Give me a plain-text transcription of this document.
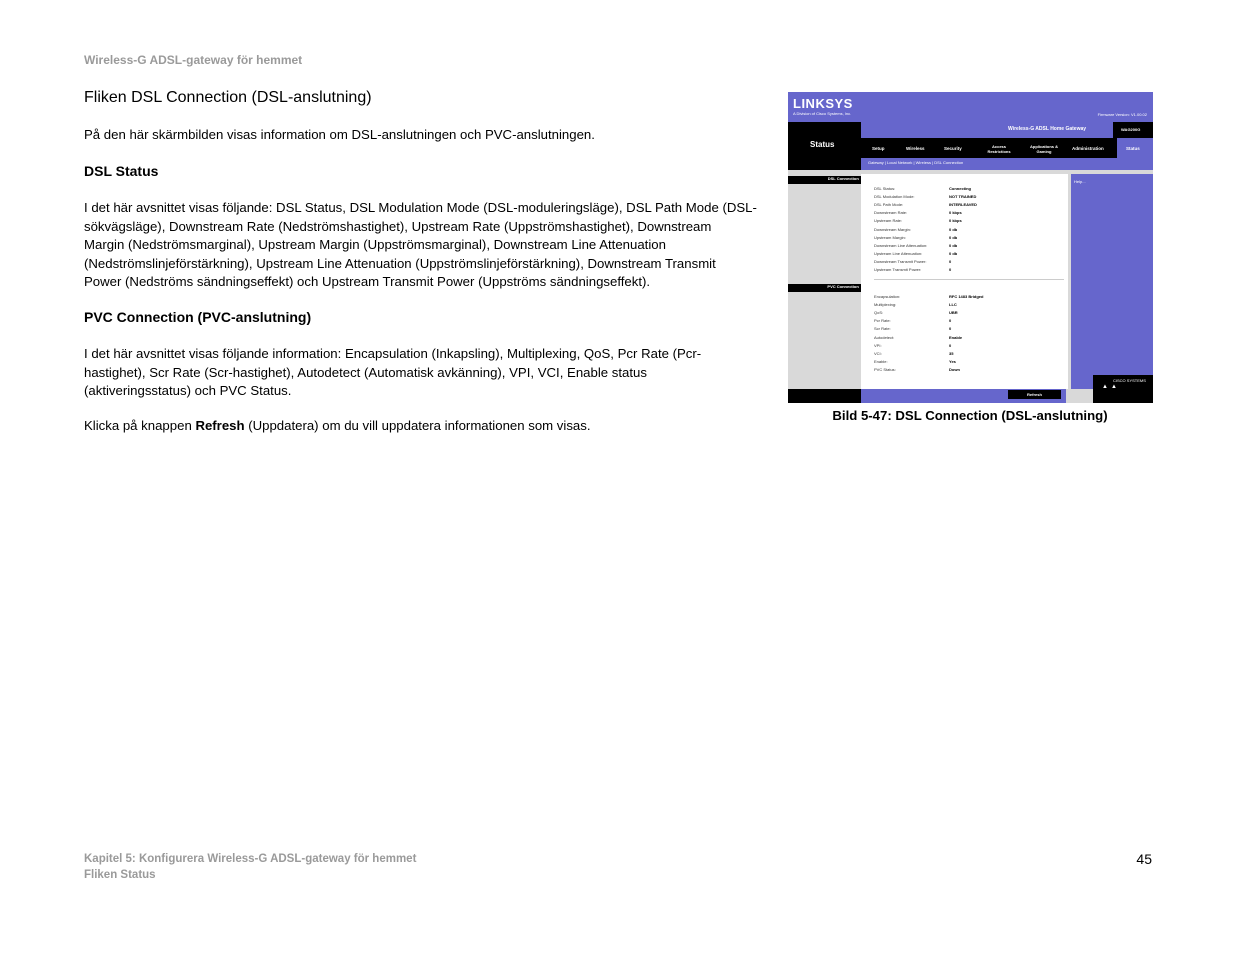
Wireless-G ADSL-gateway för hemmet
Fliken DSL Connection (DSL-anslutning)
På den här skärmbilden visas information om DSL-anslutningen och PVC-anslutningen.
DSL Status
I det här avsnittet visas följande: DSL Status, DSL Modulation Mode (DSL-moduleringsläge), DSL Path Mode (DSL-
sökvägsläge), Downstream Rate (Nedströmshastighet), Upstream Rate (Uppströmshastighet), Downstream
Margin (Nedströmsmarginal), Upstream Margin (Uppströmsmarginal), Downstream Line Attenuation
(Nedströmslinjeförstärkning), Upstream Line Attenuation (Uppströmslinjeförstärkning), Downstream Transmit
Power (Nedströms sändningseffekt) och Upstream Transmit Power (Uppströms sändningseffekt).
PVC Connection (PVC-anslutning)
I det här avsnittet visas följande information: Encapsulation (Inkapsling), Multiplexing, QoS, Pcr Rate (Pcr-
hastighet), Scr Rate (Scr-hastighet), Autodetect (Automatisk avkänning), VPI, VCI, Enable status
(aktiveringsstatus) och PVC Status.
Klicka på knappen Refresh (Uppdatera) om du vill uppdatera informationen som visas.
LINKSYS
A Division of Cisco Systems, Inc.	Firmware Version: V1.00.02
Status
Wireless-G ADSL Home Gateway	WAG200G
Setup	Wireless	Security	Access Restrictions
Applications & Gaming
Administration	Status
Gateway | Local Network | Wireless | DSL Connection
DSL Connection
PVC Connection
DSL Status:	Connecting
DSL Modulation Mode:	NOT TRAINED
DSL Path Mode:	INTERLEAVED
Downstream Rate:	0 kbps
Upstream Rate:	0 kbps
Downstream Margin:	0 db
Upstream Margin:	0 db
Downstream Line Attenuation:	0 db
Upstream Line Attenuation:	0 db
Downstream Transmit Power:	0
Upstream Transmit Power:	0
Encapsulation:	RFC 1483 Bridged
Multiplexing:	LLC
QoS:	UBR
Pcr Rate:	0
Scr Rate:	0
Autodetect:	Enable
VPI:	0
VCI:	35
Enable:	Yes
PVC Status:	Down
Help...
Refresh
CISCO SYSTEMS
▲▲
Bild 5-47: DSL Connection (DSL-anslutning)
Kapitel 5: Konfigurera Wireless-G ADSL-gateway för hemmet
Fliken Status
45
